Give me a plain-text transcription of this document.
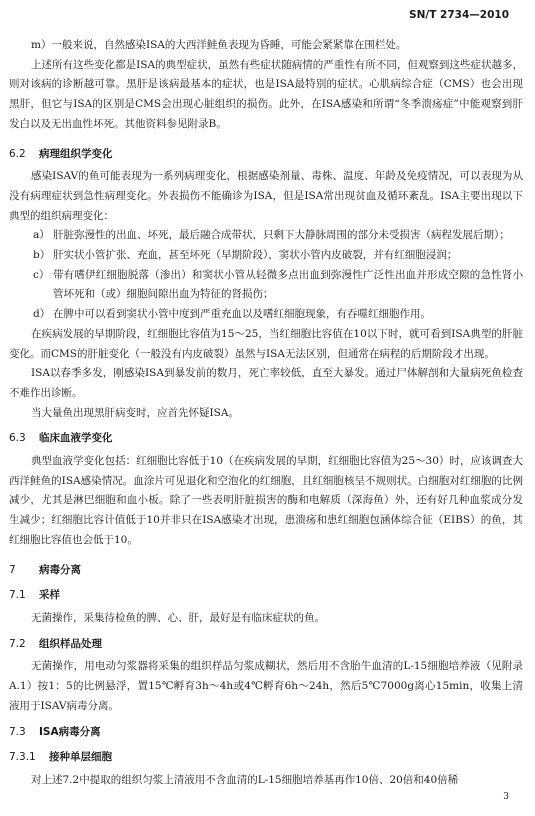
SN/T 2734—2010

m）一般来说，自然感染ISA的大西洋鲑鱼表现为昏睡，可能会紧紧靠在围栏处。

上述所有这些变化都是ISA的典型症状，虽然有些症状随病情的严重性有所不同，但观察到这些症状越多，则对该病的诊断越可靠。黑肝是该病最基本的症状，也是ISA最特别的症状。心肌病综合症（CMS）也会出现黑肝，但它与ISA的区别是CMS会出现心脏组织的损伤。此外，在ISA感染和所谓“冬季溃疡症”中能观察到肝发白以及无出血性坏死。其他资料参见附录B。

6.2 病理组织学变化

感染ISAV的鱼可能表现为一系列病理变化，根据感染剂量、毒株、温度、年龄及免疫情况，可以表现为从没有病理症状到急性病理变化。外表损伤不能确诊为ISA，但是ISA常出现贫血及循环紊乱。ISA主要出现以下典型的组织病理变化：

a） 肝脏弥漫性的出血、坏死，最后融合成带状，只剩下大静脉周围的部分未受损害（病程发展后期）；
b） 肝实状小管扩张、充血，甚至坏死（早期阶段），窦状小管内皮破裂，并有红细胞浸润；
c） 带有嗜伊红细胞脱落（渗出）和窦状小管从轻微多点出血到弥漫性广泛性出血并形成空隙的急性肾小管坏死和（或）细胞间隙出血为特征的肾损伤；
d） 在脾中可以看到窦状小管中度到严重充血以及嗜红细胞现象，有吞噬红细胞作用。

在疾病发展的早期阶段，红细胞比容值为15～25，当红细胞比容值在10以下时，就可看到ISA典型的肝脏变化。而CMS的肝脏变化（一般没有内皮破裂）虽然与ISA无法区别，但通常在病程的后期阶段才出现。

ISA以春季多发，刚感染ISA到暴发前的数月，死亡率较低，直至大暴发。通过尸体解剖和大量病死鱼检查不难作出诊断。

当大量鱼出现黑肝病变时，应首先怀疑ISA。

6.3 临床血液学变化

典型血液学变化包括：红细胞比容低于10（在疾病发展的早期，红细胞比容值为25～30）时，应该调查大西洋鲑鱼的ISA感染情况。血涂片可见退化和空泡化的红细胞，且红细胞核呈不规则状。白细胞对红细胞的比例减少，尤其是淋巴细胞和血小板。除了一些表明肝脏损害的酶和电解质（深海鱼）外，还有好几种血浆成分发生减少；红细胞比容计值低于10并非只在ISA感染才出现，患溃疡和患红细胞包涵体综合征（EIBS）的鱼，其红细胞比容值也会低于10。

7 病毒分离
7.1 采样

无菌操作，采集待检鱼的脾、心、肝，最好是有临床症状的鱼。

7.2 组织样品处理

无菌操作，用电动匀浆器将采集的组织样品匀浆成糊状，然后用不含胎牛血清的L-15细胞培养液（见附录A.1）按1：5的比例悬浮，置15℃孵育3h～4h或4℃孵育6h～24h，然后5℃7000g离心15min，收集上清液用于ISAV病毒分离。

7.3 ISA病毒分离
7.3.1 接种单层细胞

对上述7.2中提取的组织匀浆上清液用不含血清的L-15细胞培养基再作10倍、20倍和40倍稀

3
